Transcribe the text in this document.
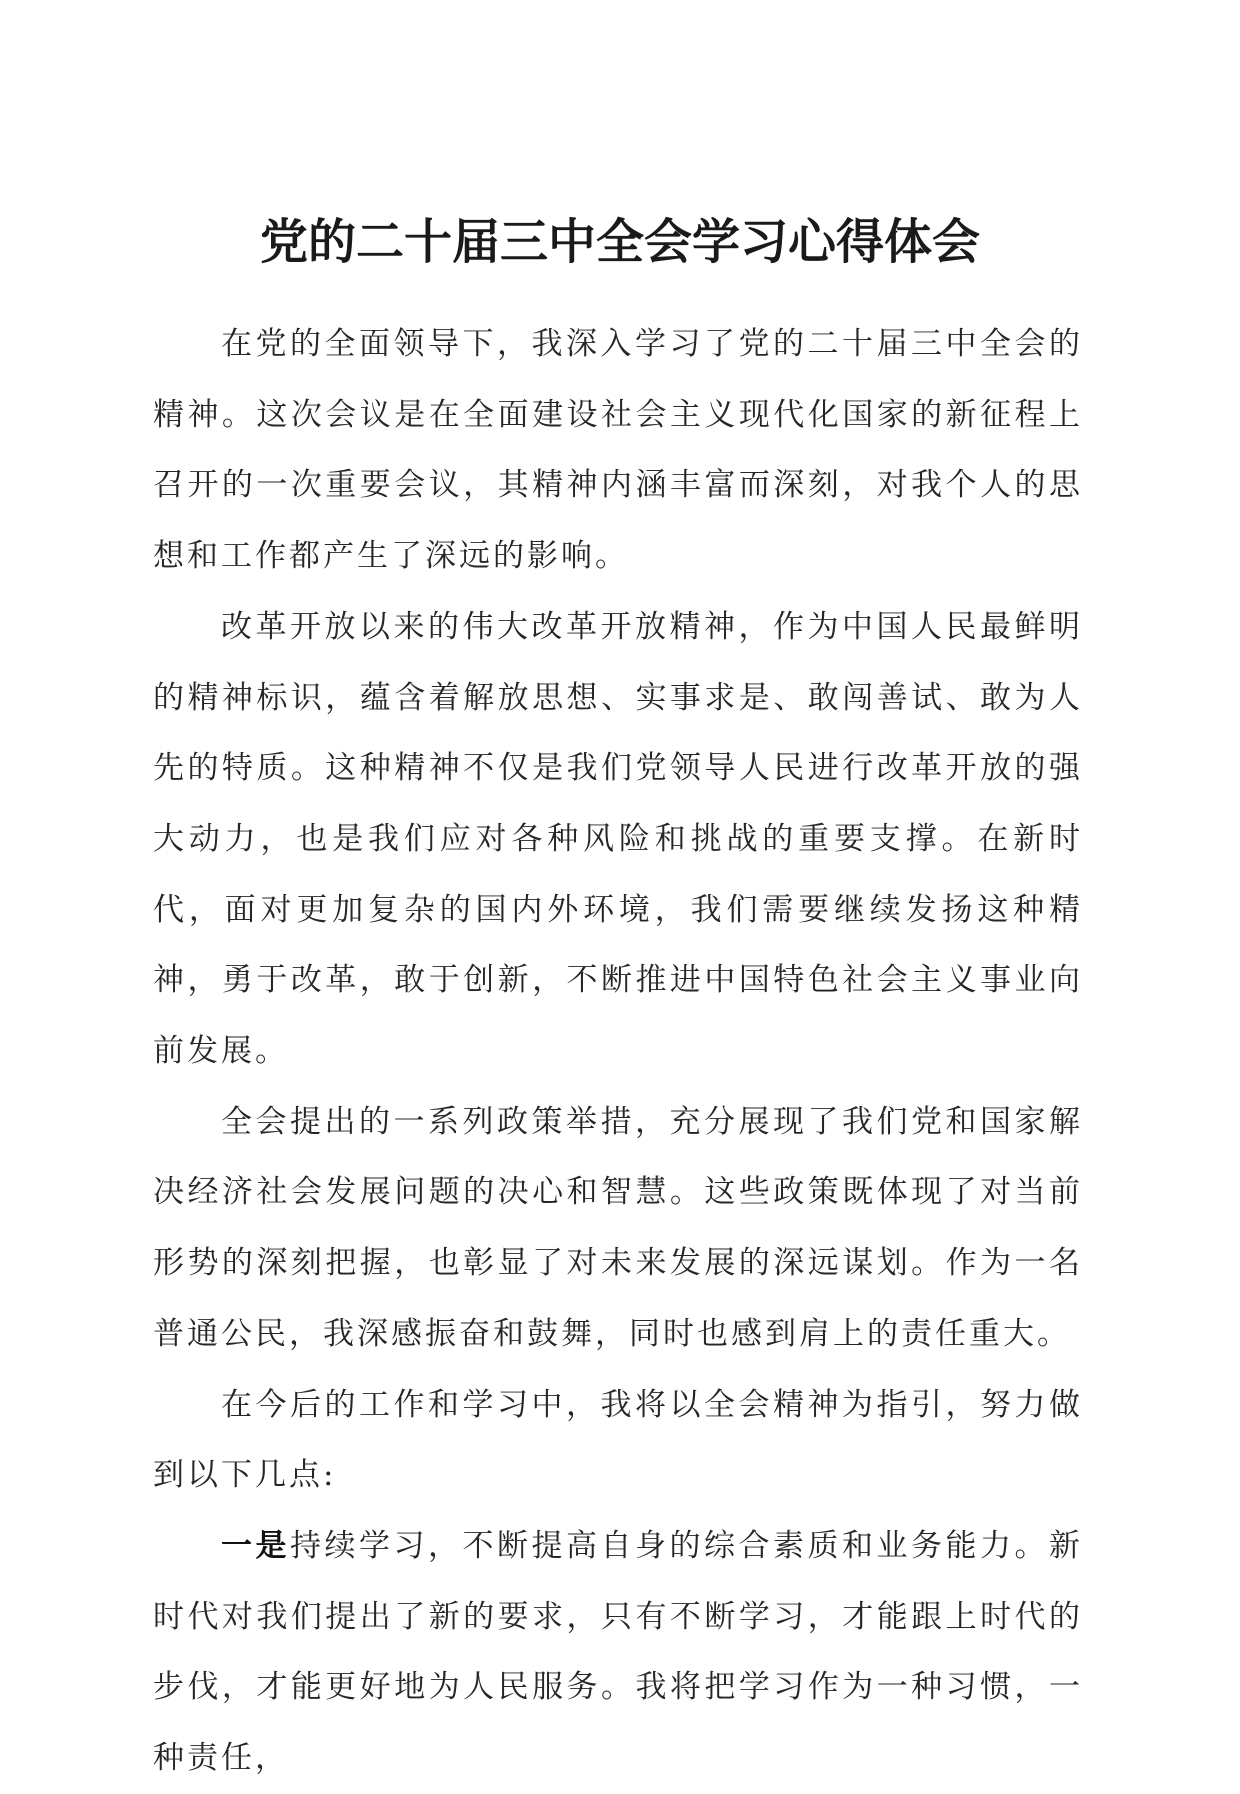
党的二十届三中全会学习心得体会

在党的全面领导下，我深入学习了党的二十届三中全会的精神。这次会议是在全面建设社会主义现代化国家的新征程上召开的一次重要会议，其精神内涵丰富而深刻，对我个人的思想和工作都产生了深远的影响。

改革开放以来的伟大改革开放精神，作为中国人民最鲜明的精神标识，蕴含着解放思想、实事求是、敢闯善试、敢为人先的特质。这种精神不仅是我们党领导人民进行改革开放的强大动力，也是我们应对各种风险和挑战的重要支撑。在新时代，面对更加复杂的国内外环境，我们需要继续发扬这种精神，勇于改革，敢于创新，不断推进中国特色社会主义事业向前发展。

全会提出的一系列政策举措，充分展现了我们党和国家解决经济社会发展问题的决心和智慧。这些政策既体现了对当前形势的深刻把握，也彰显了对未来发展的深远谋划。作为一名普通公民，我深感振奋和鼓舞，同时也感到肩上的责任重大。

在今后的工作和学习中，我将以全会精神为指引，努力做到以下几点:

一是持续学习，不断提高自身的综合素质和业务能力。新时代对我们提出了新的要求，只有不断学习，才能跟上时代的步伐，才能更好地为人民服务。我将把学习作为一种习惯，一种责任，
